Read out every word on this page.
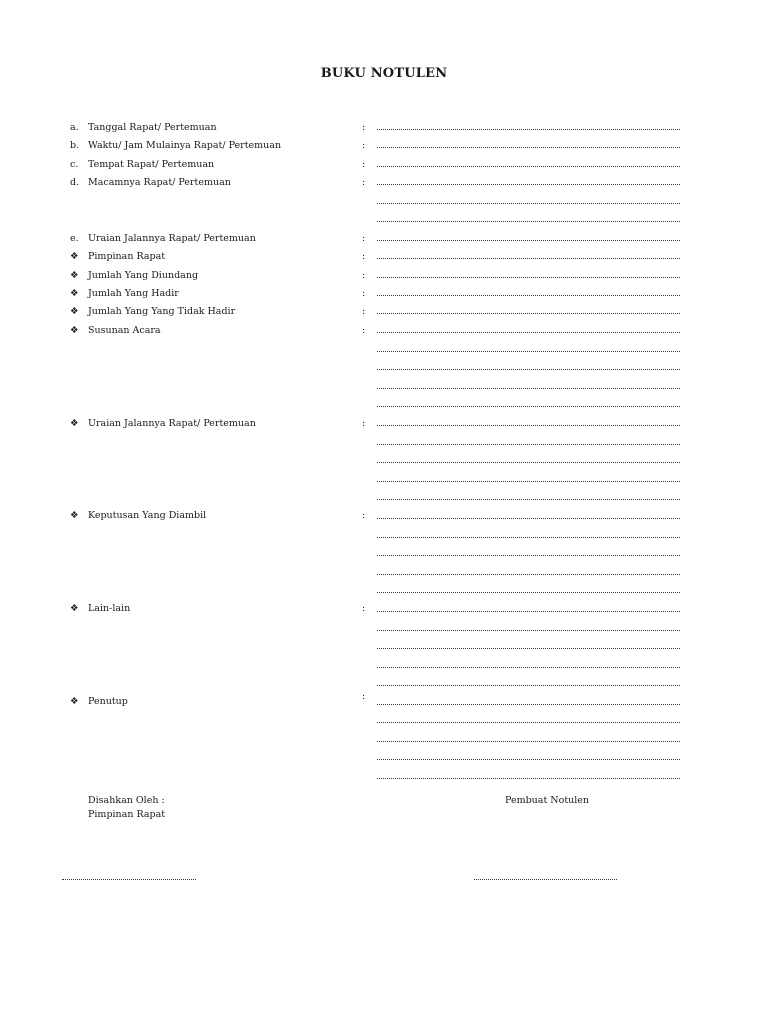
BUKU NOTULEN
a. Tanggal Rapat/ Pertemuan	:
b. Waktu/ Jam Mulainya Rapat/ Pertemuan	:
c. Tempat Rapat/ Pertemuan	:
d. Macamnya Rapat/ Pertemuan	:
e. Uraian Jalannya Rapat/ Pertemuan	:
❖ Pimpinan Rapat	:
❖ Jumlah Yang Diundang	:
❖ Jumlah Yang Hadir	:
❖ Jumlah Yang Yang Tidak Hadir	:
❖ Susunan Acara	:
❖ Uraian Jalannya Rapat/ Pertemuan	:
❖ Keputusan Yang Diambil	:
❖ Lain-lain	:
❖ Penutup	:
Disahkan Oleh :
Pimpinan Rapat
Pembuat Notulen
